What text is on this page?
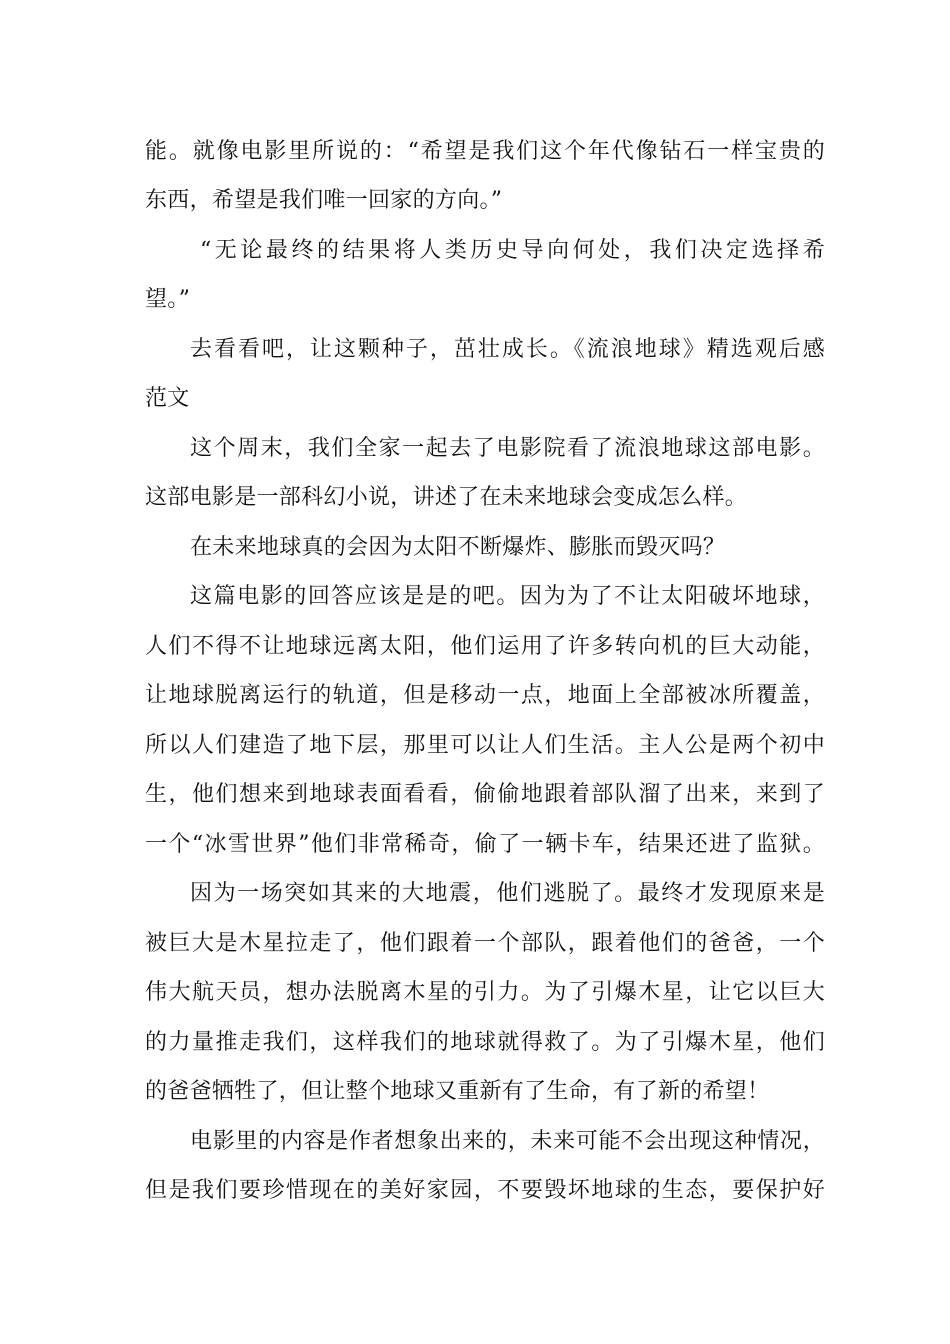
能。就像电影里所说的：“希望是我们这个年代像钻石一样宝贵的
东西，希望是我们唯一回家的方向。”
“无论最终的结果将人类历史导向何处，我们决定选择希
望。”
去看看吧，让这颗种子，茁壮成长。《流浪地球》精选观后感
范文
这个周末，我们全家一起去了电影院看了流浪地球这部电影。
这部电影是一部科幻小说，讲述了在未来地球会变成怎么样。
在未来地球真的会因为太阳不断爆炸、膨胀而毁灭吗？
这篇电影的回答应该是是的吧。因为为了不让太阳破坏地球，
人们不得不让地球远离太阳，他们运用了许多转向机的巨大动能，
让地球脱离运行的轨道，但是移动一点，地面上全部被冰所覆盖，
所以人们建造了地下层，那里可以让人们生活。主人公是两个初中
生，他们想来到地球表面看看，偷偷地跟着部队溜了出来，来到了
一个“冰雪世界”他们非常稀奇，偷了一辆卡车，结果还进了监狱。
因为一场突如其来的大地震，他们逃脱了。最终才发现原来是
被巨大是木星拉走了，他们跟着一个部队，跟着他们的爸爸，一个
伟大航天员，想办法脱离木星的引力。为了引爆木星，让它以巨大
的力量推走我们，这样我们的地球就得救了。为了引爆木星，他们
的爸爸牺牲了，但让整个地球又重新有了生命，有了新的希望！
电影里的内容是作者想象出来的，未来可能不会出现这种情况，
但是我们要珍惜现在的美好家园，不要毁坏地球的生态，要保护好
